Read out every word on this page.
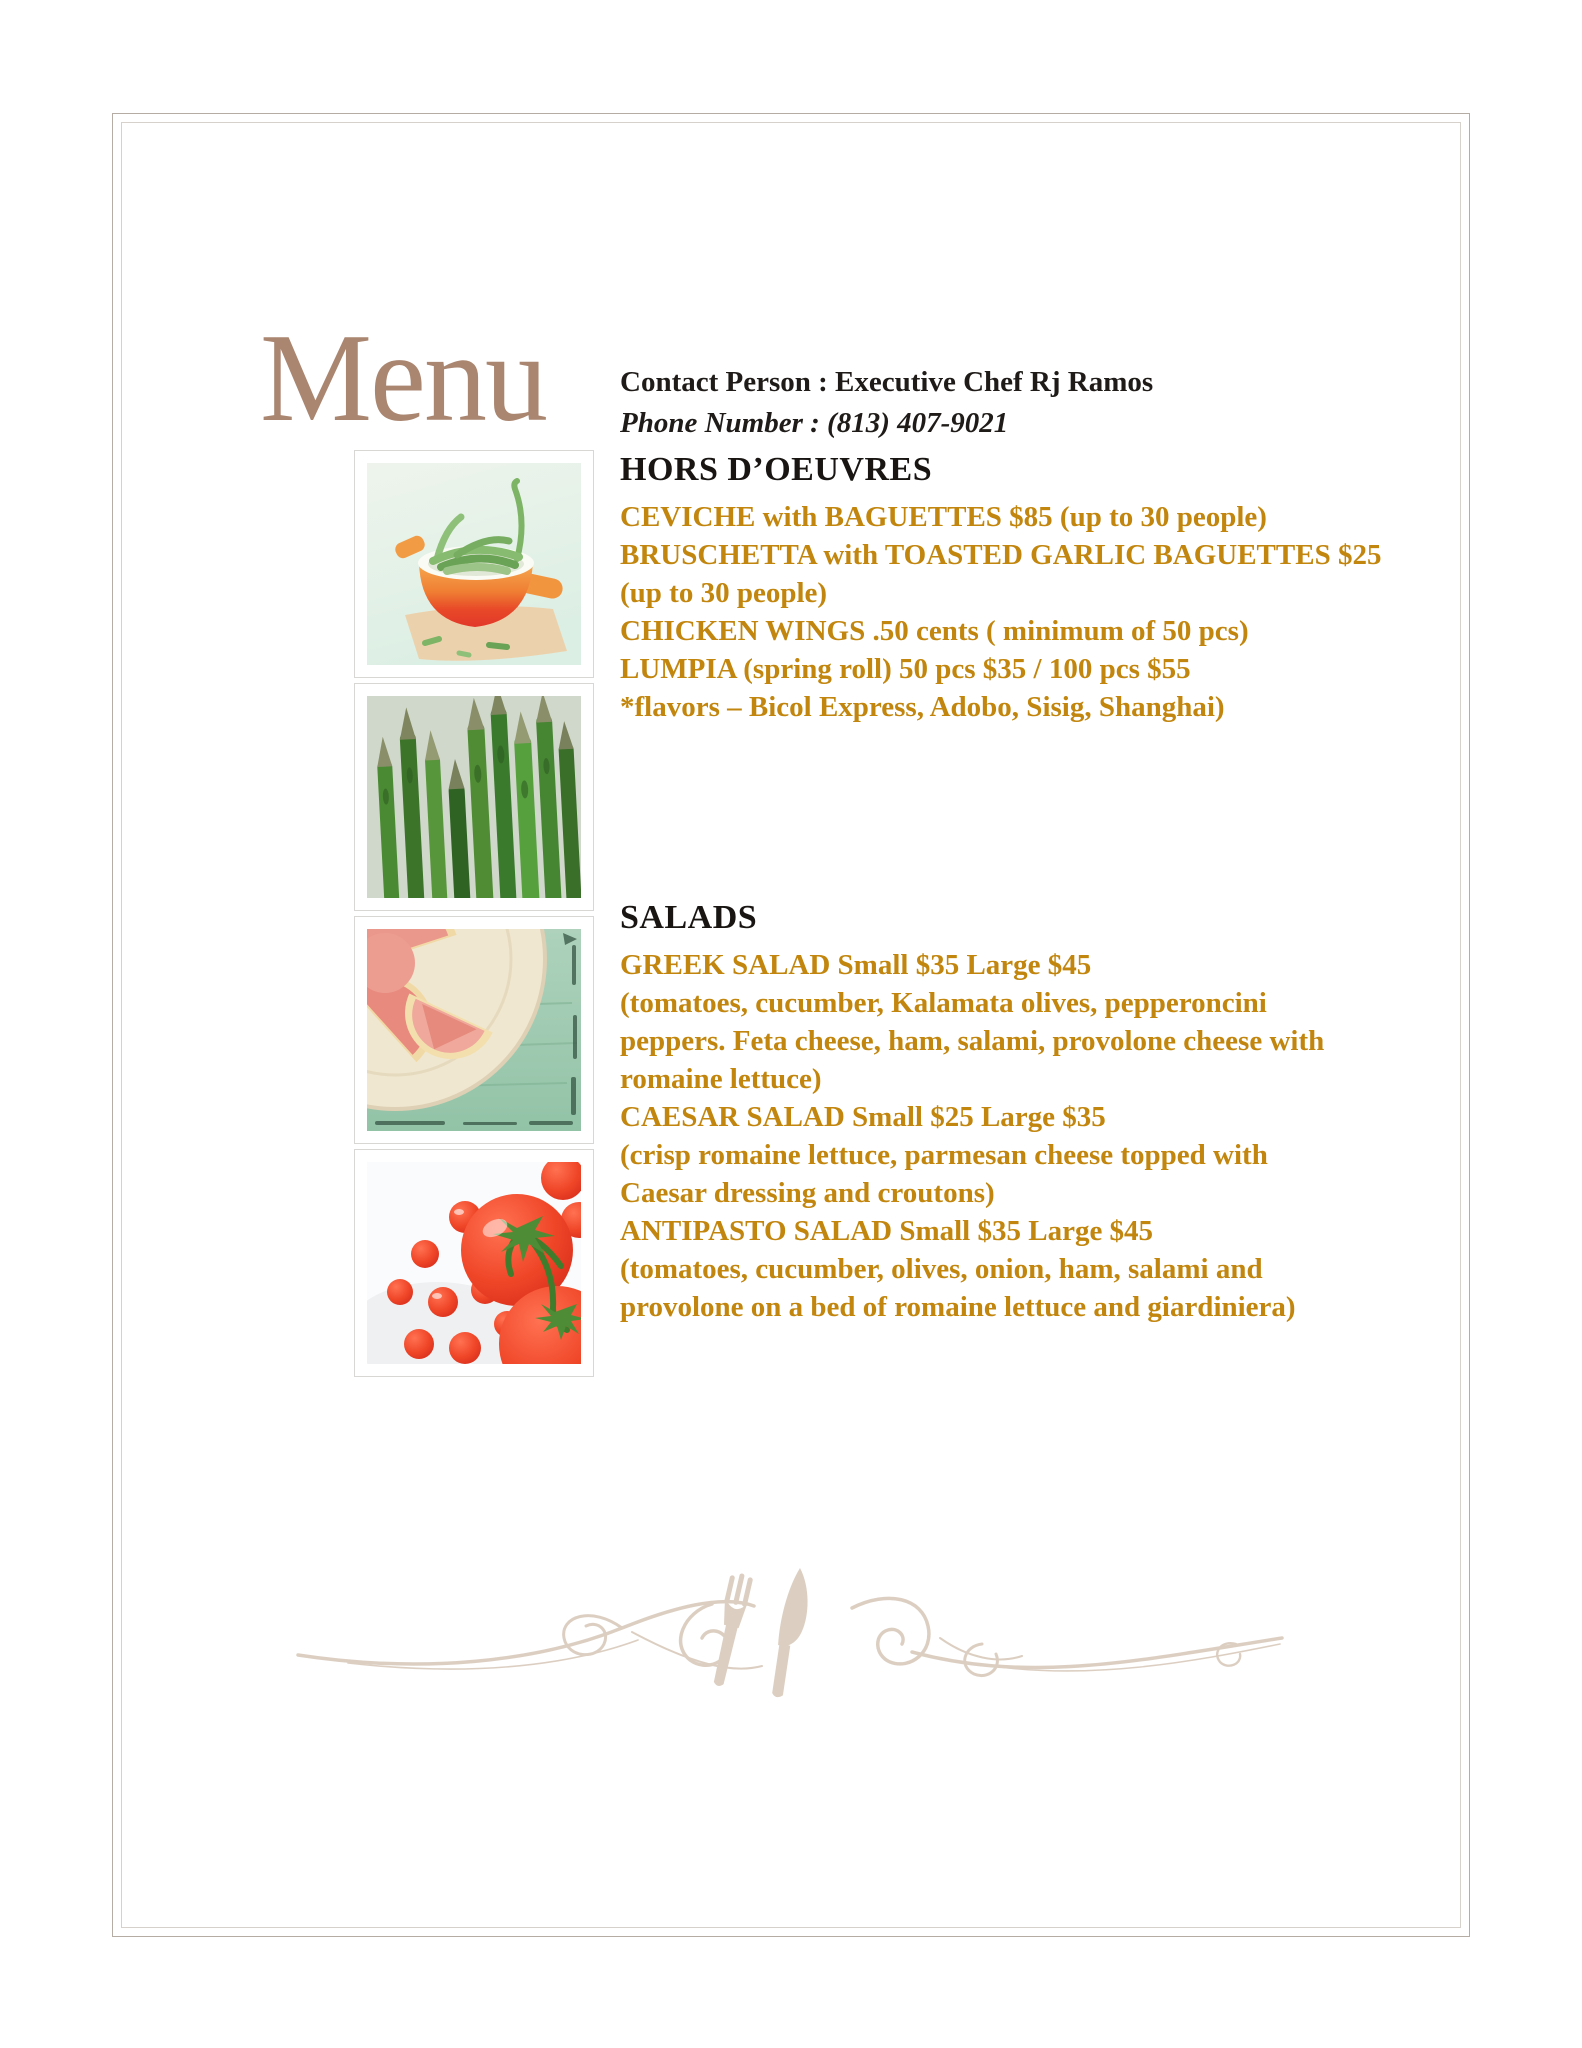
Menu	Contact Person : Executive Chef Rj Ramos
Phone Number : (813) 407-9021
HORS D’OEUVRES
CEVICHE with BAGUETTES $85 (up to 30 people)
BRUSCHETTA with TOASTED GARLIC BAGUETTES $25
(up to 30 people)
CHICKEN WINGS .50 cents ( minimum of 50 pcs)
LUMPIA (spring roll) 50 pcs $35 / 100 pcs $55
*flavors – Bicol Express, Adobo, Sisig, Shanghai)
SALADS
GREEK SALAD Small $35 Large $45
(tomatoes, cucumber, Kalamata olives, pepperoncini
peppers. Feta cheese, ham, salami, provolone cheese with
romaine lettuce)
CAESAR SALAD Small $25 Large $35
(crisp romaine lettuce, parmesan cheese topped with
Caesar dressing and croutons)
ANTIPASTO SALAD Small $35 Large $45
(tomatoes, cucumber, olives, onion, ham, salami and
provolone on a bed of romaine lettuce and giardiniera)
